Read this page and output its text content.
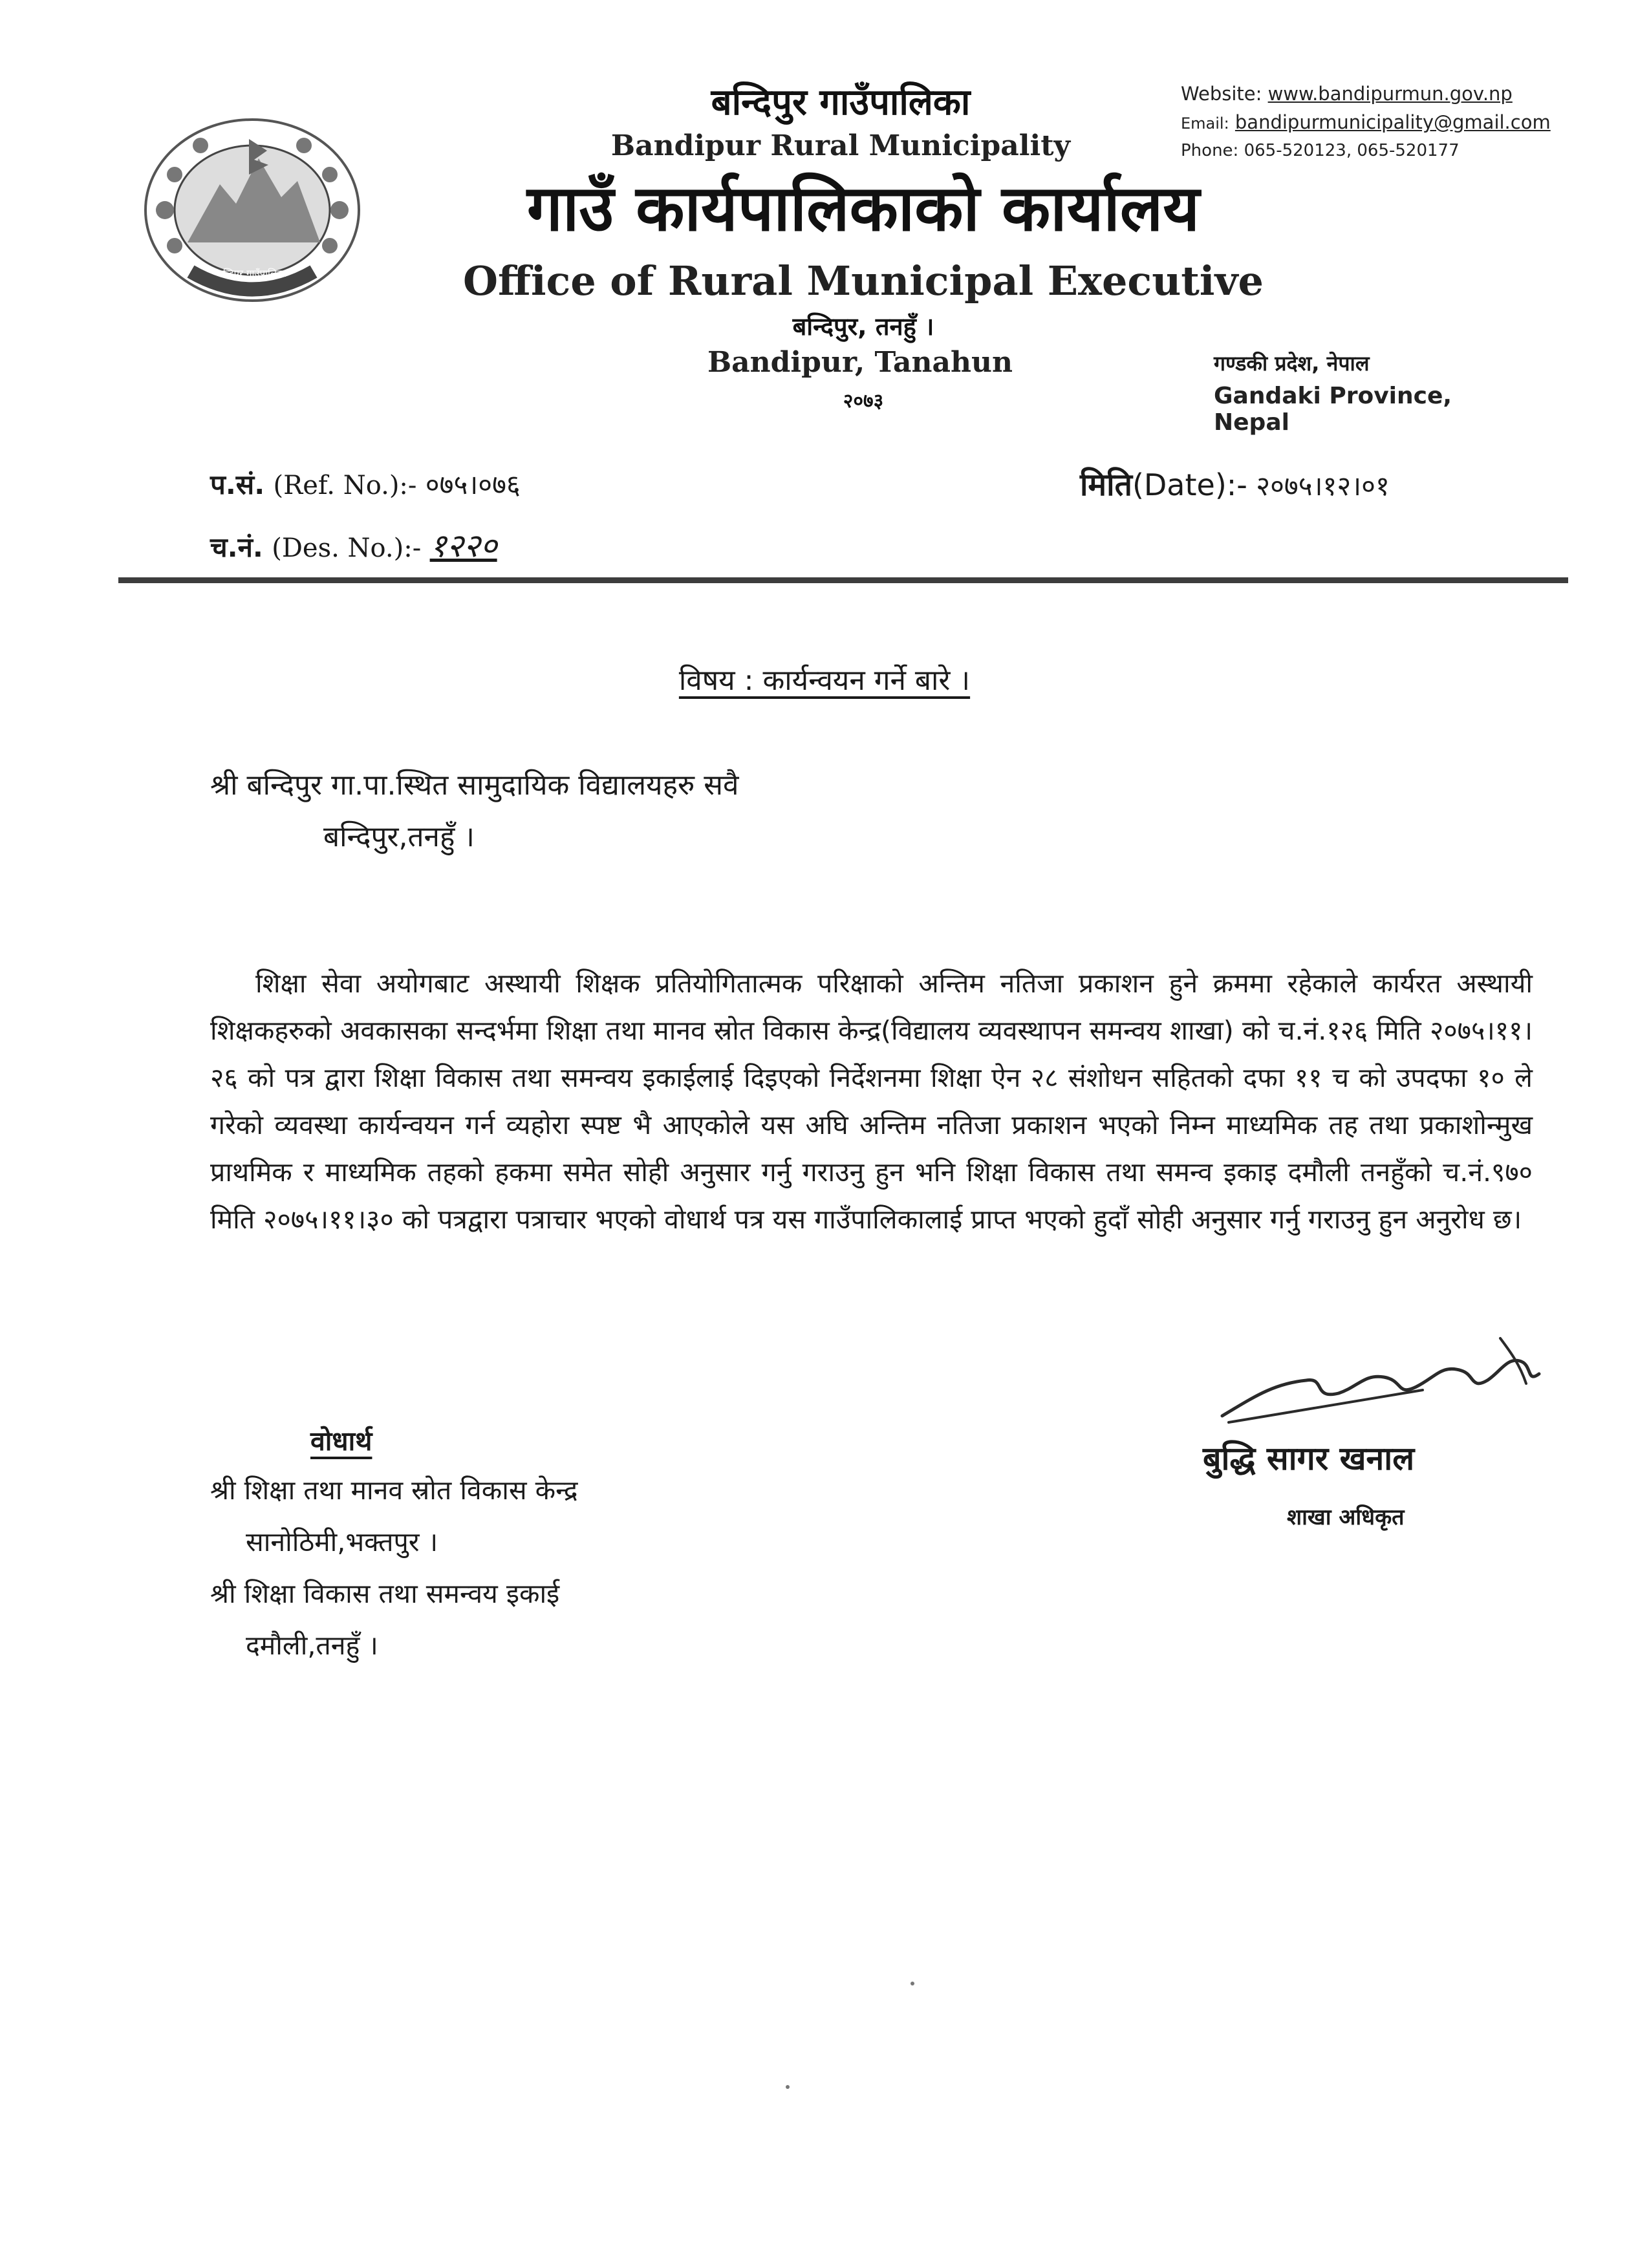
बन्दिपुर गाउँपालिका
बन्दिपुर गाउँपालिका
Bandipur Rural Municipality
गाउँ कार्यपालिकाको कार्यालय
Office of Rural Municipal Executive
बन्दिपुर, तनहुँ ।
Bandipur, Tanahun
२०७३
Website: www.bandipurmun.gov.np
Email: bandipurmunicipality@gmail.com
Phone: 065-520123, 065-520177
गण्डकी प्रदेश, नेपाल
Gandaki Province, Nepal
प.सं. (Ref. No.):- ०७५।०७६
च.नं. (Des. No.):- १२२०
मिति(Date):- २०७५।१२।०१
विषय : कार्यन्वयन गर्ने बारे ।
श्री बन्दिपुर गा.पा.स्थित सामुदायिक विद्यालयहरु सवै
बन्दिपुर,तनहुँ ।

शिक्षा सेवा अयोगबाट अस्थायी शिक्षक प्रतियोगितात्मक परिक्षाको अन्तिम नतिजा प्रकाशन हुने क्रममा रहेकाले कार्यरत अस्थायी शिक्षकहरुको अवकासका सन्दर्भमा शिक्षा तथा मानव स्रोत विकास केन्द्र(विद्यालय व्यवस्थापन समन्वय शाखा) को च.नं.१२६ मिति २०७५।११।२६ को पत्र द्वारा शिक्षा विकास तथा समन्वय इकाईलाई दिइएको निर्देशनमा शिक्षा ऐन २८ संशोधन सहितको दफा ११ च को उपदफा १० ले गरेको व्यवस्था कार्यन्वयन गर्न व्यहोरा स्पष्ट भै आएकोले यस अघि अन्तिम नतिजा प्रकाशन भएको निम्न माध्यमिक तह तथा प्रकाशोन्मुख प्राथमिक र माध्यमिक तहको हकमा समेत सोही अनुसार गर्नु गराउनु हुन भनि शिक्षा विकास तथा समन्व इकाइ दमौली तनहुँको च.नं.९७० मिति २०७५।११।३० को पत्रद्वारा पत्राचार भएको वोधार्थ पत्र यस गाउँपालिकालाई प्राप्त भएको हुदाँ सोही अनुसार गर्नु गराउनु हुन अनुरोध छ।

बुद्धि सागर खनाल
शाखा अधिकृत
वोधार्थ
श्री शिक्षा तथा मानव स्रोत विकास केन्द्र
सानोठिमी,भक्तपुर ।
श्री शिक्षा विकास तथा समन्वय इकाई
दमौली,तनहुँ ।
